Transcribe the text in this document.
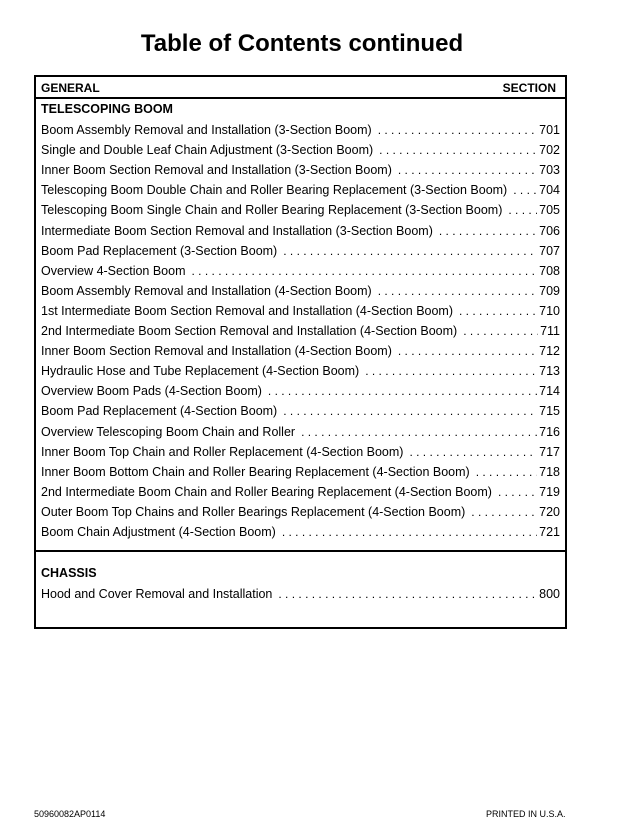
Table of Contents continued
GENERAL	SECTION
TELESCOPING BOOM
Boom Assembly Removal and Installation (3-Section Boom) . . .	701
Single and Double Leaf Chain Adjustment (3-Section Boom) . . .	702
Inner Boom Section Removal and Installation (3-Section Boom) . . .	703
Telescoping Boom Double Chain and Roller Bearing Replacement (3-Section Boom) . . .	704
Telescoping Boom Single Chain and Roller Bearing Replacement (3-Section Boom) . . .	705
Intermediate Boom Section Removal and Installation (3-Section Boom) . . .	706
Boom Pad Replacement (3-Section Boom) . . .	707
Overview 4-Section Boom . . .	708
Boom Assembly Removal and Installation (4-Section Boom) . . .	709
1st Intermediate Boom Section Removal and Installation (4-Section Boom) . . .	710
2nd Intermediate Boom Section Removal and Installation (4-Section Boom) . . .	711
Inner Boom Section Removal and Installation (4-Section Boom) . . .	712
Hydraulic Hose and Tube Replacement (4-Section Boom) . . .	713
Overview Boom Pads (4-Section Boom) . . .	714
Boom Pad Replacement (4-Section Boom) . . .	715
Overview Telescoping Boom Chain and Roller . . .	716
Inner Boom Top Chain and Roller Replacement (4-Section Boom) . . .	717
Inner Boom Bottom Chain and Roller Bearing Replacement (4-Section Boom) . . .	718
2nd Intermediate Boom Chain and Roller Bearing Replacement (4-Section Boom) . . .	719
Outer Boom Top Chains and Roller Bearings Replacement (4-Section Boom) . . .	720
Boom Chain Adjustment (4-Section Boom) . . .	721
CHASSIS
Hood and Cover Removal and Installation . . .	800
50960082AP0114	PRINTED IN U.S.A.
